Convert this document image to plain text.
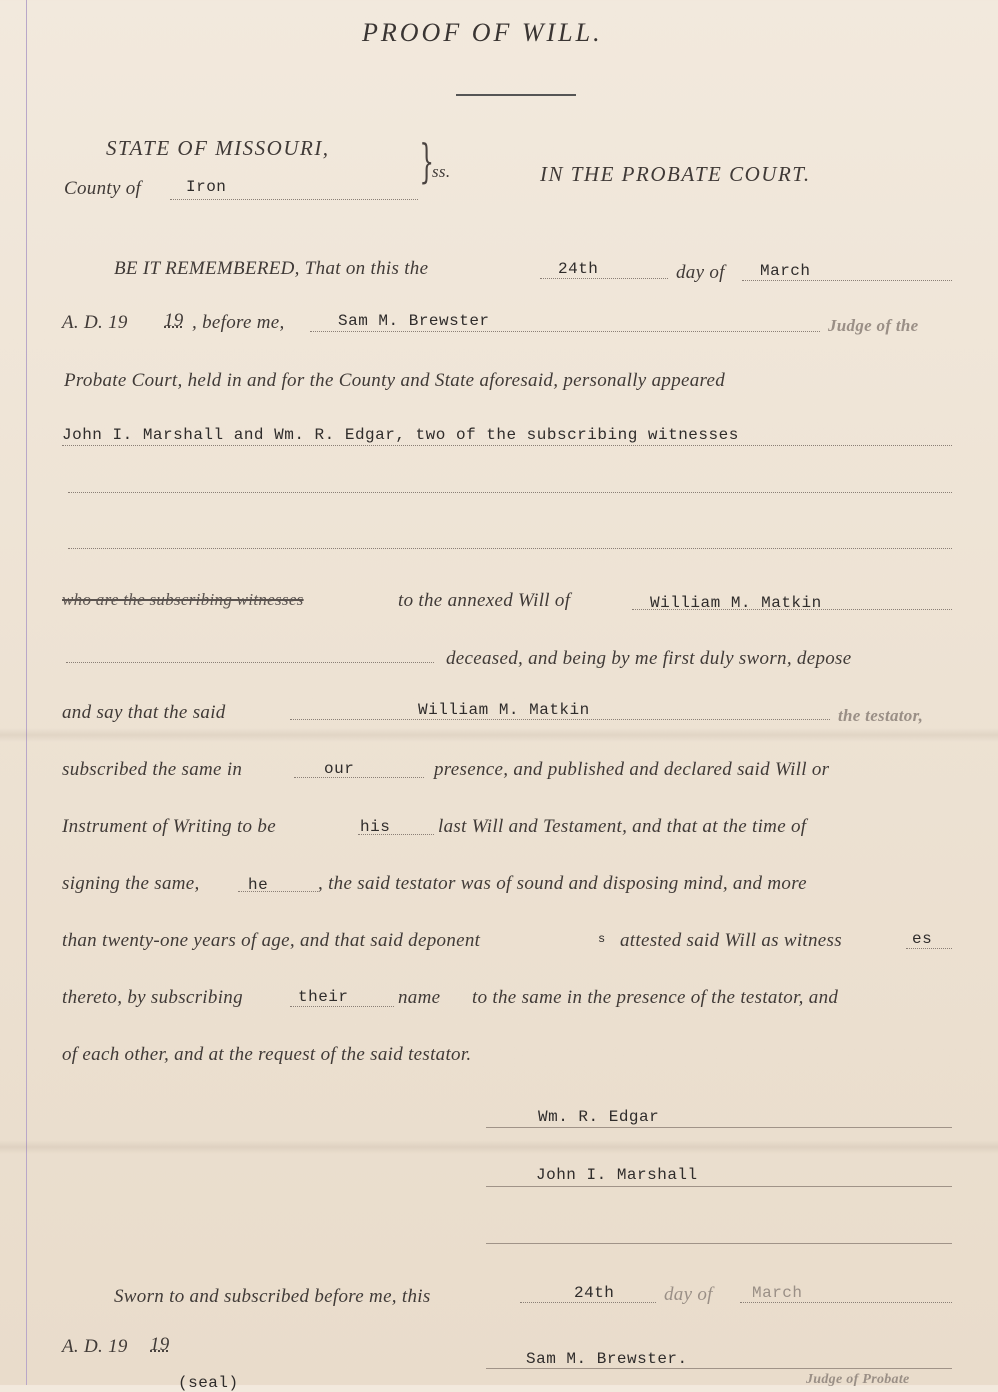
PROOF OF WILL.
STATE OF MISSOURI,
County of	Iron	}
ss.	IN THE PROBATE COURT.
BE IT REMEMBERED, That on this the	24th	day of March
A. D. 19 19 , before me,	Sam M. Brewster	Judge of the
Probate Court, held in and for the County and State aforesaid, personally appeared
John I. Marshall and Wm. R. Edgar, two of the subscribing witnesses
who are the subscribing witnesses	to the annexed Will of	William M. Matkin
deceased, and being by me first duly sworn, depose
and say that the said	William M. Matkin	the testator,
subscribed the same in	our	presence, and published and declared said Will or
Instrument of Writing to be	his	last Will and Testament, and that at the time of
signing the same,	he	, the said testator was of sound and disposing mind, and more
than twenty-one years of age, and that said deponent	s attested said Will as witness	es
thereto, by subscribing	their	name to the same in the presence of the testator, and
of each other, and at the request of the said testator.
Wm. R. Edgar
John I. Marshall
Sworn to and subscribed before me, this	24th	day of March
A. D. 19 19
Sam M. Brewster.
(seal)	Judge of Probate
